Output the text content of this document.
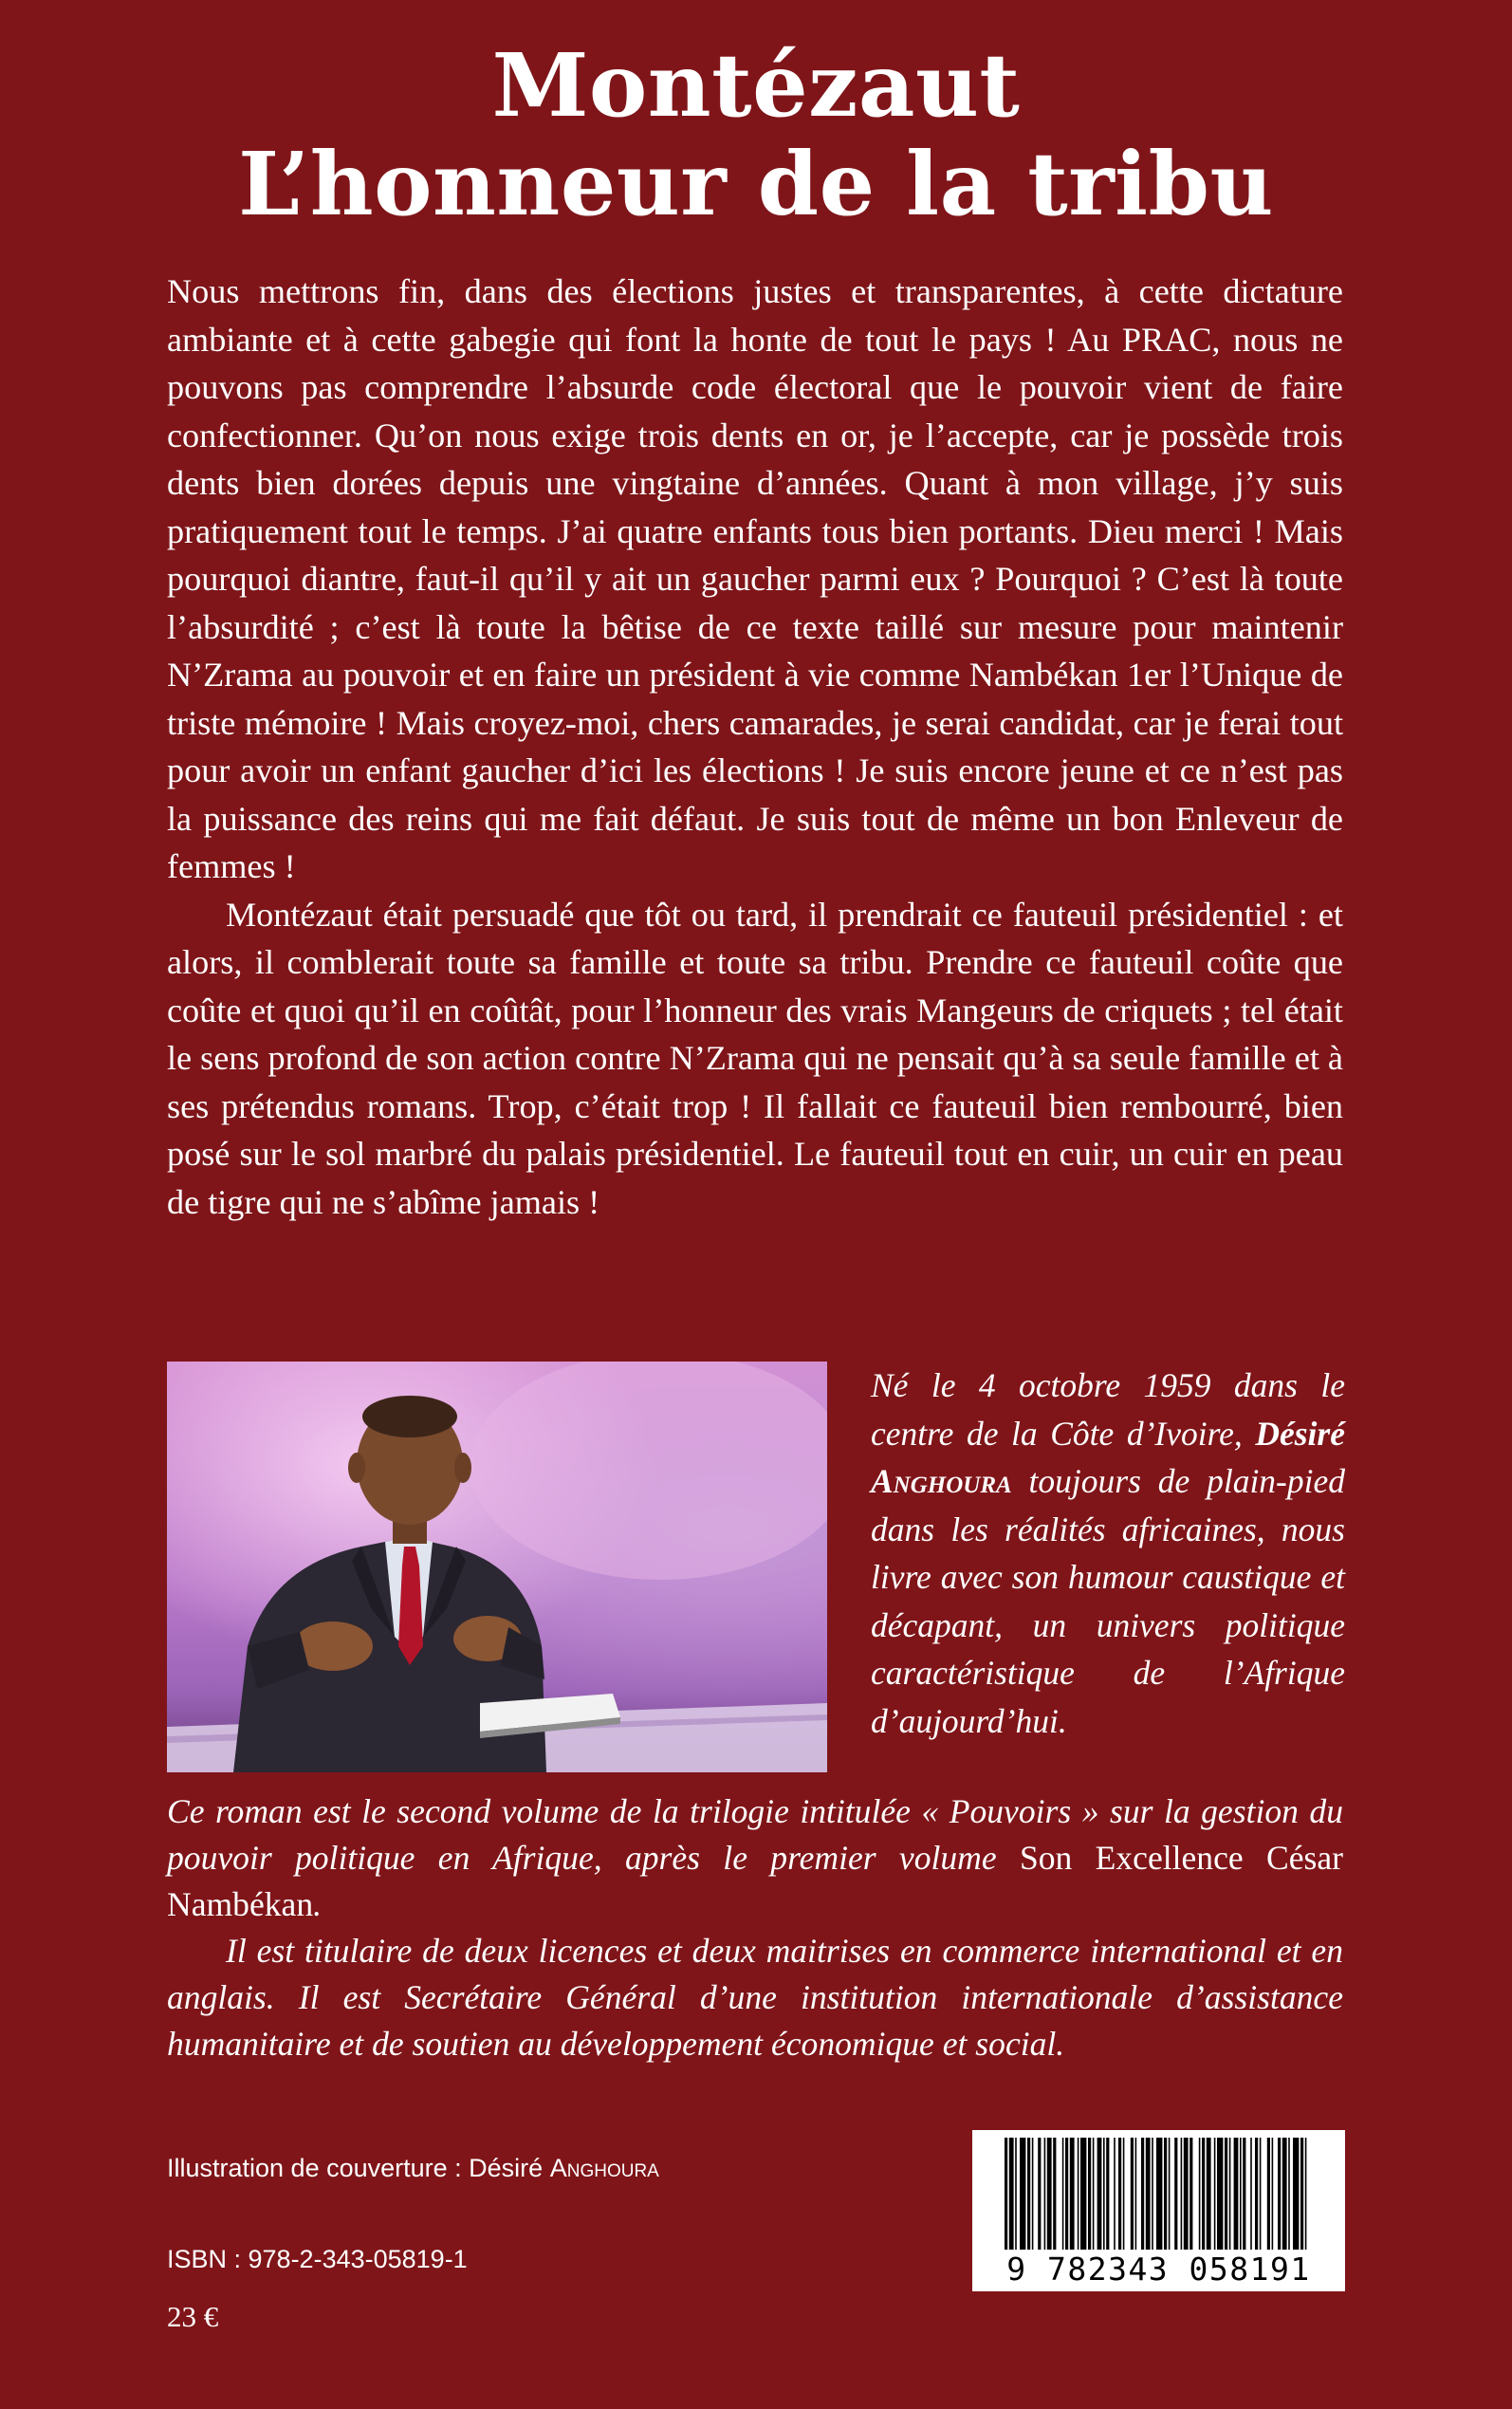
Montézaut
L’honneur de la tribu

Nous mettrons fin, dans des élections justes et transparentes, à cette dictature ambiante et à cette gabegie qui font la honte de tout le pays ! Au PRAC, nous ne pouvons pas comprendre l’absurde code électoral que le pouvoir vient de faire confectionner. Qu’on nous exige trois dents en or, je l’accepte, car je possède trois dents bien dorées depuis une vingtaine d’années. Quant à mon village, j’y suis pratiquement tout le temps. J’ai quatre enfants tous bien portants. Dieu merci ! Mais pourquoi diantre, faut-il qu’il y ait un gaucher parmi eux ? Pourquoi ? C’est là toute l’absurdité ; c’est là toute la bêtise de ce texte taillé sur mesure pour maintenir N’Zrama au pouvoir et en faire un président à vie comme Nambékan 1er l’Unique de triste mémoire ! Mais croyez-moi, chers camarades, je serai candidat, car je ferai tout pour avoir un enfant gaucher d’ici les élections ! Je suis encore jeune et ce n’est pas la puissance des reins qui me fait défaut. Je suis tout de même un bon Enleveur de femmes !

Montézaut était persuadé que tôt ou tard, il prendrait ce fauteuil présidentiel : et alors, il comblerait toute sa famille et toute sa tribu. Prendre ce fauteuil coûte que coûte et quoi qu’il en coûtât, pour l’honneur des vrais Mangeurs de criquets ; tel était le sens profond de son action contre N’Zrama qui ne pensait qu’à sa seule famille et à ses prétendus romans. Trop, c’était trop ! Il fallait ce fauteuil bien rembourré, bien posé sur le sol marbré du palais présidentiel. Le fauteuil tout en cuir, un cuir en peau de tigre qui ne s’abîme jamais !

Né le 4 octobre 1959 dans le centre de la Côte d’Ivoire, Désiré Anghoura toujours de plain-pied dans les réalités africaines, nous livre avec son humour caustique et décapant, un univers politique caractéristique de l’Afrique d’aujourd’hui.

Ce roman est le second volume de la trilogie intitulée « Pouvoirs » sur la gestion du pouvoir politique en Afrique, après le premier volume Son Excellence César Nambékan.

Il est titulaire de deux licences et deux maitrises en commerce international et en anglais. Il est Secrétaire Général d’une institution internationale d’assistance humanitaire et de soutien au développement économique et social.

Illustration de couverture : Désiré Anghoura
ISBN : 978-2-343-05819-1
23 €
9 782343 058191
